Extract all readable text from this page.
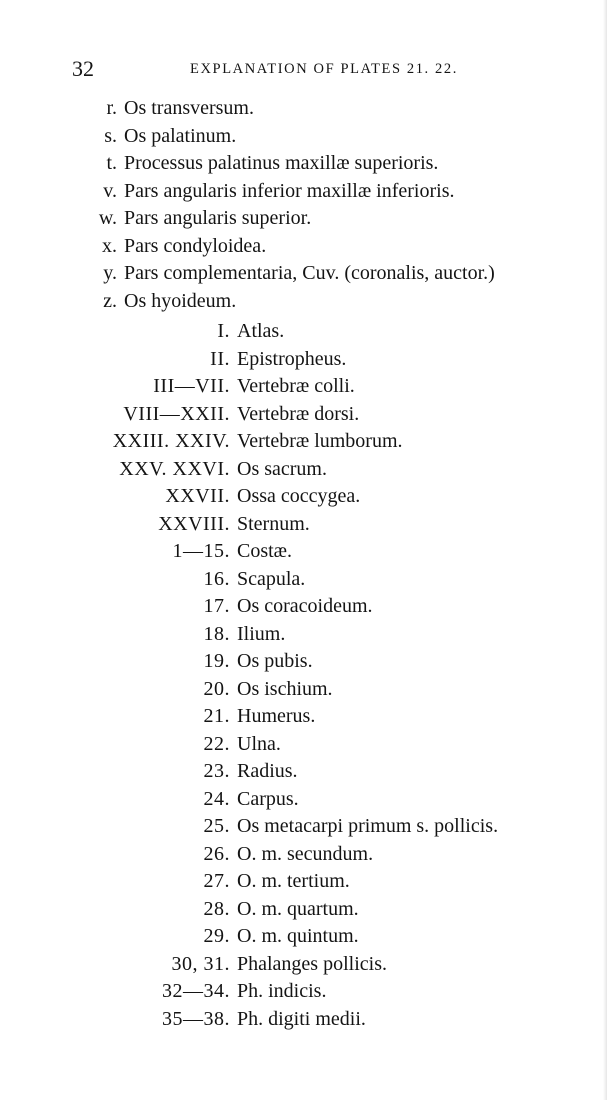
32	EXPLANATION OF PLATES 21. 22.
r. Os transversum.
s. Os palatinum.
t. Processus palatinus maxillæ superioris.
v. Pars angularis inferior maxillæ inferioris.
w. Pars angularis superior.
x. Pars condyloidea.
y. Pars complementaria, Cuv. (coronalis, auctor.)
z. Os hyoideum.
I. Atlas.
II. Epistropheus.
III—VII. Vertebræ colli.
VIII—XXII. Vertebræ dorsi.
XXIII. XXIV. Vertebræ lumborum.
XXV. XXVI. Os sacrum.
XXVII. Ossa coccygea.
XXVIII. Sternum.
1—15. Costæ.
16. Scapula.
17. Os coracoideum.
18. Ilium.
19. Os pubis.
20. Os ischium.
21. Humerus.
22. Ulna.
23. Radius.
24. Carpus.
25. Os metacarpi primum s. pollicis.
26. O. m. secundum.
27. O. m. tertium.
28. O. m. quartum.
29. O. m. quintum.
30, 31. Phalanges pollicis.
32—34. Ph. indicis.
35—38. Ph. digiti medii.
